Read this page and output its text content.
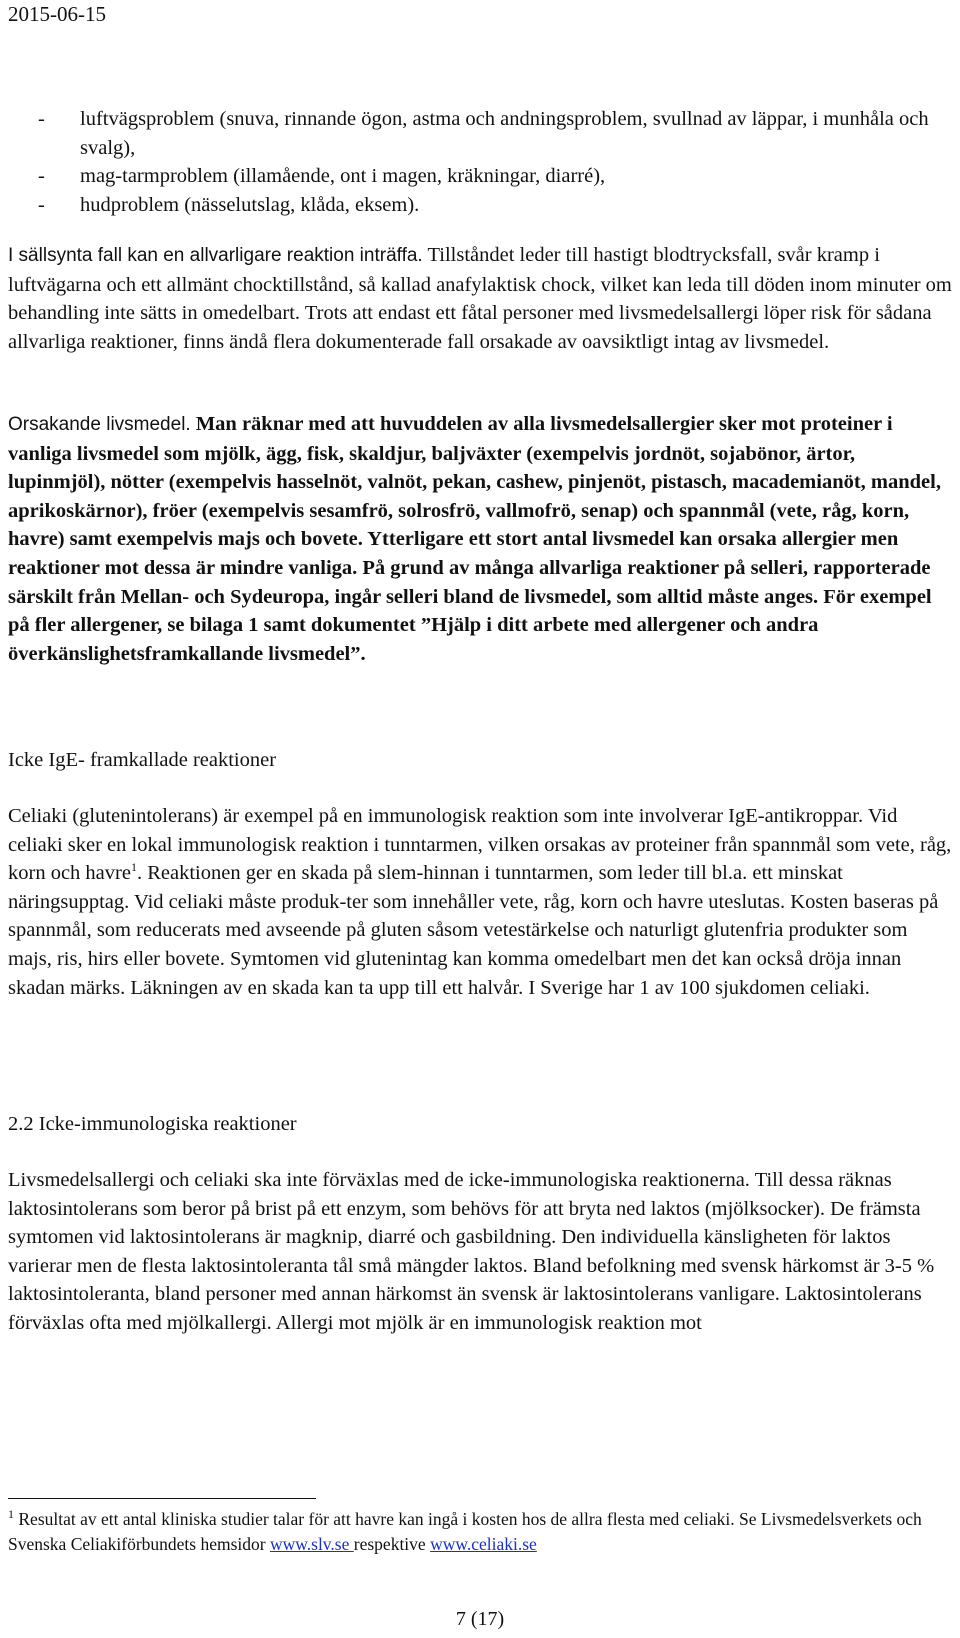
2015-06-15
- luftvägsproblem (snuva, rinnande ögon, astma och andningsproblem, svullnad av läppar, i munhåla och svalg),
- mag-tarmproblem (illamående, ont i magen, kräkningar, diarré),
- hudproblem (nässelutslag, klåda, eksem).

I sällsynta fall kan en allvarligare reaktion inträffa. Tillståndet leder till hastigt blodtrycksfall, svår kramp i luftvägarna och ett allmänt chocktillstånd, så kallad anafylaktisk chock, vilket kan leda till döden inom minuter om behandling inte sätts in omedelbart. Trots att endast ett fåtal personer med livsmedelsallergi löper risk för sådana allvarliga reaktioner, finns ändå flera dokumenterade fall orsakade av oavsiktligt intag av livsmedel.

Orsakande livsmedel. Man räknar med att huvuddelen av alla livsmedelsallergier sker mot proteiner i vanliga livsmedel som mjölk, ägg, fisk, skaldjur, baljväxter (exempelvis jordnöt, sojabönor, ärtor, lupinmjöl), nötter (exempelvis hasselnöt, valnöt, pekan, cashew, pinjenöt, pistasch, macademianöt, mandel, aprikoskärnor), fröer (exempelvis sesamfrö, solrosfrö, vallmofrö, senap) och spannmål (vete, råg, korn, havre) samt exempelvis majs och bovete. Ytterligare ett stort antal livsmedel kan orsaka allergier men reaktioner mot dessa är mindre vanliga. På grund av många allvarliga reaktioner på selleri, rapporterade särskilt från Mellan- och Sydeuropa, ingår selleri bland de livsmedel, som alltid måste anges. För exempel på fler allergener, se bilaga 1 samt dokumentet ”Hjälp i ditt arbete med allergener och andra överkänslighetsframkallande livsmedel”.

Icke IgE- framkallade reaktioner

Celiaki (glutenintolerans) är exempel på en immunologisk reaktion som inte involverar IgE-antikroppar. Vid celiaki sker en lokal immunologisk reaktion i tunntarmen, vilken orsakas av proteiner från spannmål som vete, råg, korn och havre$^1$. Reaktionen ger en skada på slem-hinnan i tunntarmen, som leder till bl.a. ett minskat näringsupptag. Vid celiaki måste produk-ter som innehåller vete, råg, korn och havre uteslutas. Kosten baseras på spannmål, som reducerats med avseende på gluten såsom vetestärkelse och naturligt glutenfria produkter som majs, ris, hirs eller bovete. Symtomen vid glutenintag kan komma omedelbart men det kan också dröja innan skadan märks. Läkningen av en skada kan ta upp till ett halvår. I Sverige har 1 av 100 sjukdomen celiaki.

2.2 Icke-immunologiska reaktioner

Livsmedelsallergi och celiaki ska inte förväxlas med de icke-immunologiska reaktionerna. Till dessa räknas laktosintolerans som beror på brist på ett enzym, som behövs för att bryta ned laktos (mjölksocker). De främsta symtomen vid laktosintolerans är magknip, diarré och gasbildning. Den individuella känsligheten för laktos varierar men de flesta laktosintoleranta tål små mängder laktos. Bland befolkning med svensk härkomst är 3-5 % laktosintoleranta, bland personer med annan härkomst än svensk är laktosintolerans vanligare. Laktosintolerans förväxlas ofta med mjölkallergi. Allergi mot mjölk är en immunologisk reaktion mot

$^1$ Resultat av ett antal kliniska studier talar för att havre kan ingå i kosten hos de allra flesta med celiaki. Se Livsmedelsverkets och Svenska Celiakiförbundets hemsidor www.slv.se respektive www.celiaki.se
7 (17)
